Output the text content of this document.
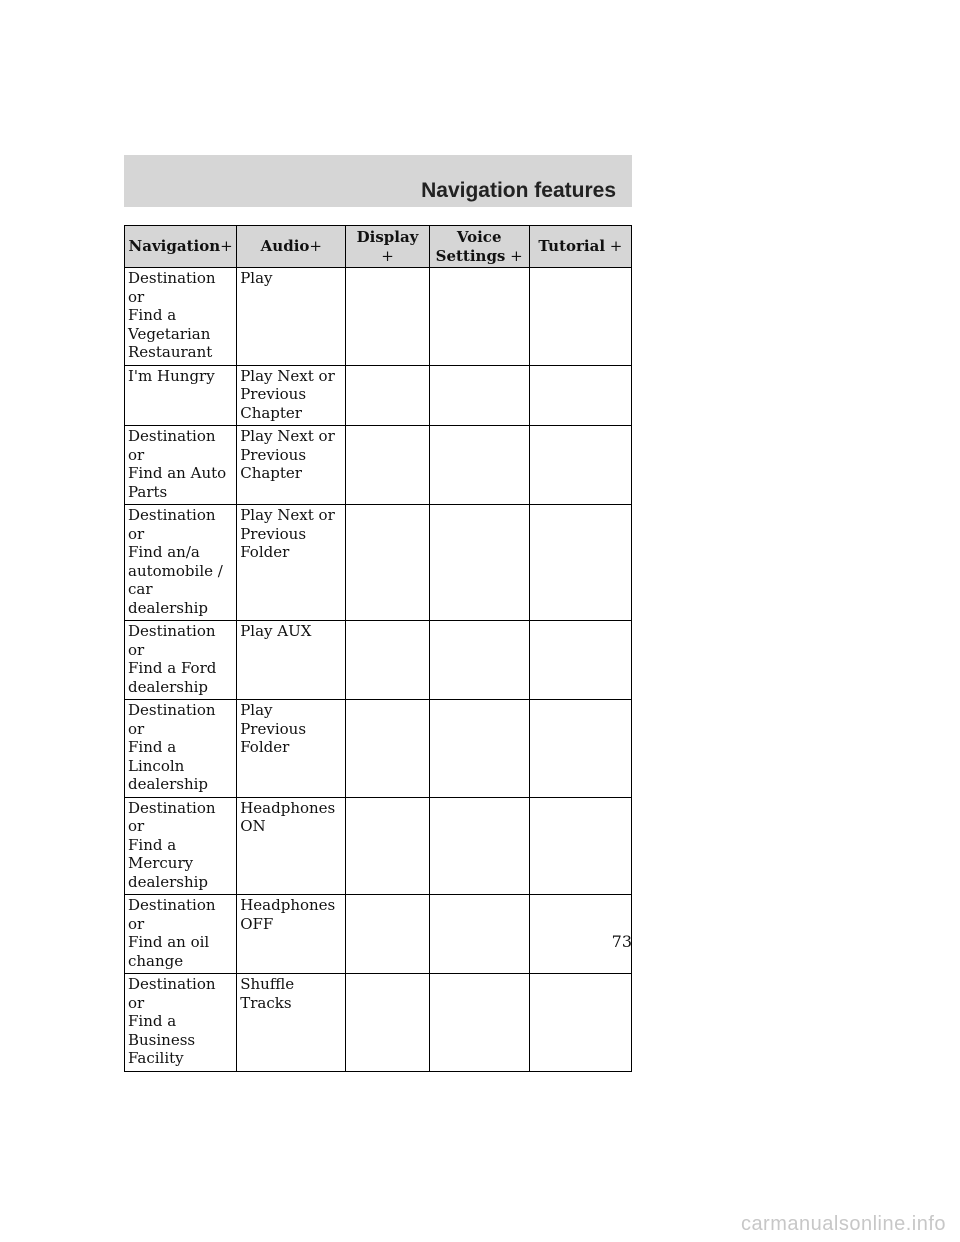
Navigation features
Navigation+	Audio+	Display +	Voice
Settings +	Tutorial +

Destination or
Find a
Vegetarian
Restaurant	Play			

I'm Hungry	Play Next or
Previous
Chapter			

Destination or
Find an Auto
Parts	Play Next or
Previous
Chapter			

Destination or
Find an/a
automobile /
car dealership	Play Next or
Previous
Folder			

Destination or
Find a Ford
dealership	Play AUX			

Destination or
Find a Lincoln
dealership	Play Previous
Folder			

Destination or
Find a
Mercury
dealership	Headphones
ON			

Destination or
Find an oil
change	Headphones
OFF			

Destination or
Find a
Business
Facility	Shuffle Tracks			

73
carmanualsonline.info
